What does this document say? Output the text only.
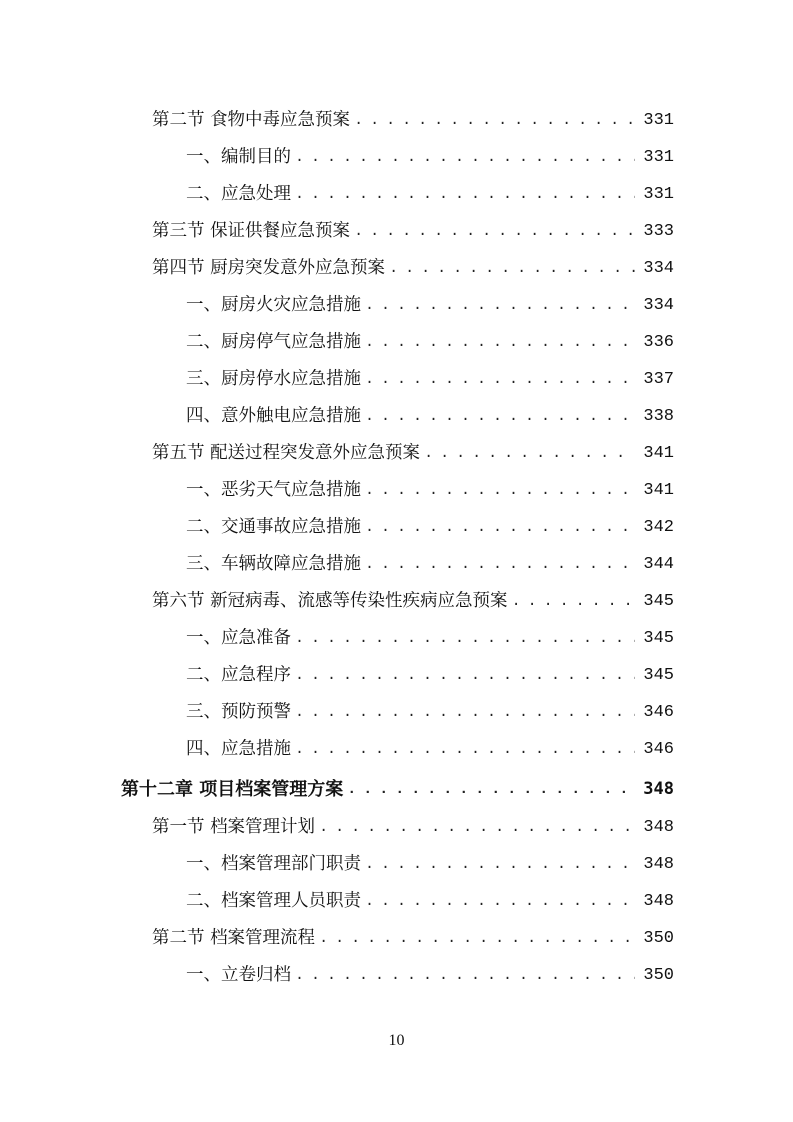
第二节 食物中毒应急预案 . . .	331
一、编制目的 . . .	331
二、应急处理 . . .	331
第三节 保证供餐应急预案 . . .	333
第四节 厨房突发意外应急预案 . . .	334
一、厨房火灾应急措施 . . .	334
二、厨房停气应急措施 . . .	336
三、厨房停水应急措施 . . .	337
四、意外触电应急措施 . . .	338
第五节 配送过程突发意外应急预案 . . .	341
一、恶劣天气应急措施 . . .	341
二、交通事故应急措施 . . .	342
三、车辆故障应急措施 . . .	344
第六节 新冠病毒、流感等传染性疾病应急预案 . . .	345
一、应急准备 . . .	345
二、应急程序 . . .	345
三、预防预警 . . .	346
四、应急措施 . . .	346
第十二章 项目档案管理方案 . . .	348
第一节 档案管理计划 . . .	348
一、档案管理部门职责 . . .	348
二、档案管理人员职责 . . .	348
第二节 档案管理流程 . . .	350
一、立卷归档 . . .	350
10
